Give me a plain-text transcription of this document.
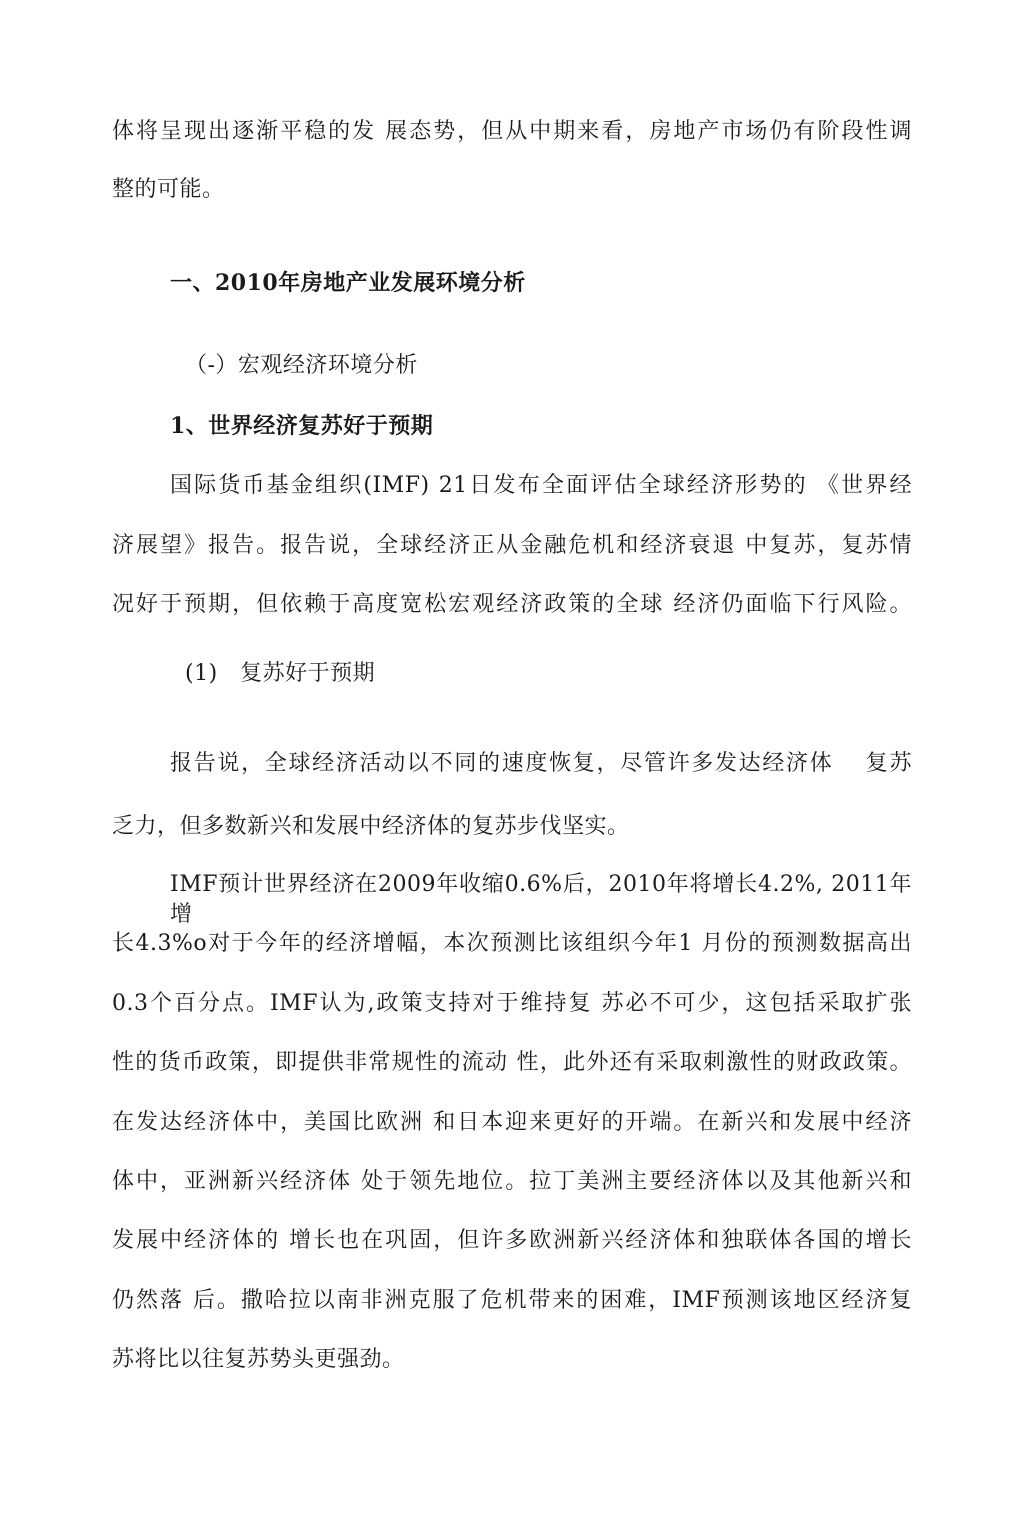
体将呈现出逐渐平稳的发 展态势，但从中期来看，房地产市场仍有阶段性调
整的可能。
一、2010年房地产业发展环境分析
（-）宏观经济环境分析
1、世界经济复苏好于预期
国际货币基金组织(IMF) 21日发布全面评估全球经济形势的 《世界经
济展望》报告。报告说，全球经济正从金融危机和经济衰退 中复苏，复苏情
况好于预期，但依赖于高度宽松宏观经济政策的全球 经济仍面临下行风险。
(1)　复苏好于预期
报告说，全球经济活动以不同的速度恢复，尽管许多发达经济体　 复苏
乏力，但多数新兴和发展中经济体的复苏步伐坚实。
IMF预计世界经济在2009年收缩0.6%后，2010年将增长4.2%, 2011年增
长4.3%o对于今年的经济增幅，本次预测比该组织今年1 月份的预测数据高出
0.3个百分点。IMF认为,政策支持对于维持复 苏必不可少，这包括采取扩张
性的货币政策，即提供非常规性的流动 性，此外还有采取刺激性的财政政策。
在发达经济体中，美国比欧洲 和日本迎来更好的开端。在新兴和发展中经济
体中，亚洲新兴经济体 处于领先地位。拉丁美洲主要经济体以及其他新兴和
发展中经济体的 增长也在巩固，但许多欧洲新兴经济体和独联体各国的增长
仍然落 后。撒哈拉以南非洲克服了危机带来的困难，IMF预测该地区经济复
苏将比以往复苏势头更强劲。
